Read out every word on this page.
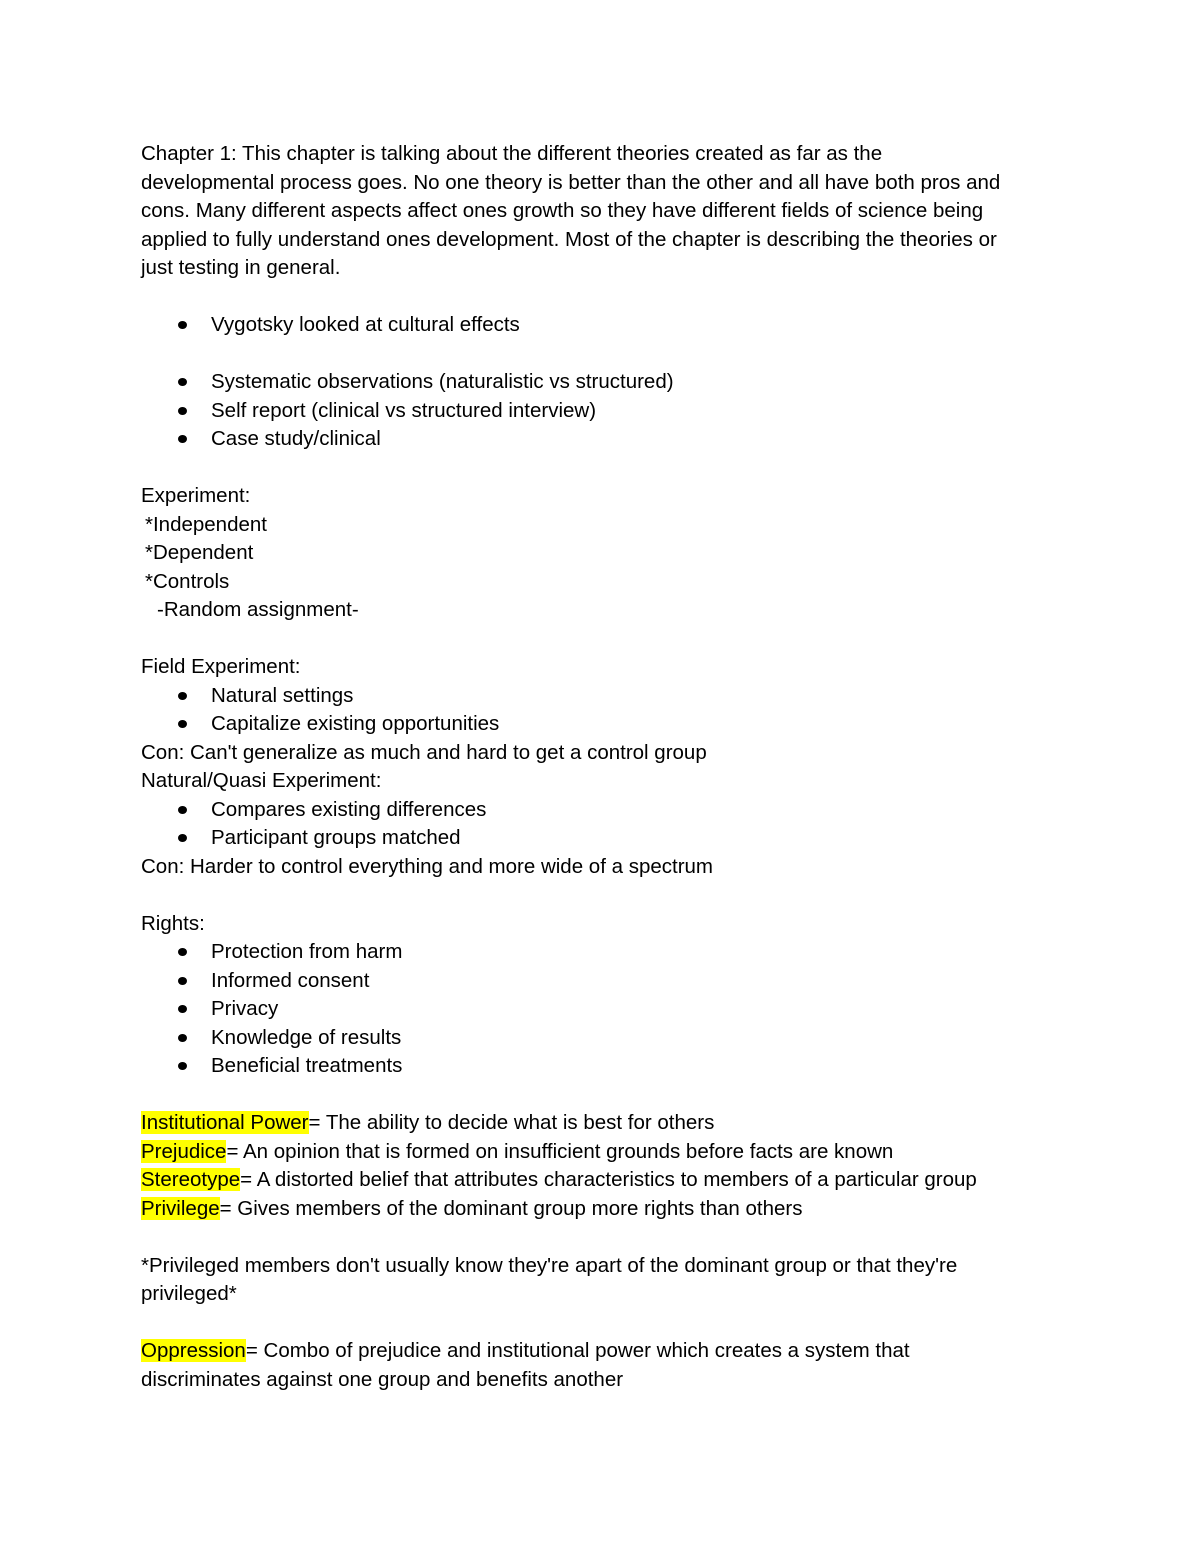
Chapter 1: This chapter is talking about the different theories created as far as the
developmental process goes. No one theory is better than the other and all have both pros and
cons. Many different aspects affect ones growth so they have different fields of science being
applied to fully understand ones development. Most of the chapter is describing the theories or
just testing in general.
Vygotsky looked at cultural effects
Systematic observations (naturalistic vs structured)
Self report (clinical vs structured interview)
Case study/clinical
Experiment:
*Independent
*Dependent
*Controls
-Random assignment-
Field Experiment:
Natural settings
Capitalize existing opportunities
Con: Can't generalize as much and hard to get a control group
Natural/Quasi Experiment:
Compares existing differences
Participant groups matched
Con: Harder to control everything and more wide of a spectrum
Rights:
Protection from harm
Informed consent
Privacy
Knowledge of results
Beneficial treatments
Institutional Power= The ability to decide what is best for others
Prejudice= An opinion that is formed on insufficient grounds before facts are known
Stereotype= A distorted belief that attributes characteristics to members of a particular group
Privilege= Gives members of the dominant group more rights than others
*Privileged members don't usually know they're apart of the dominant group or that they're
privileged*
Oppression= Combo of prejudice and institutional power which creates a system that
discriminates against one group and benefits another
